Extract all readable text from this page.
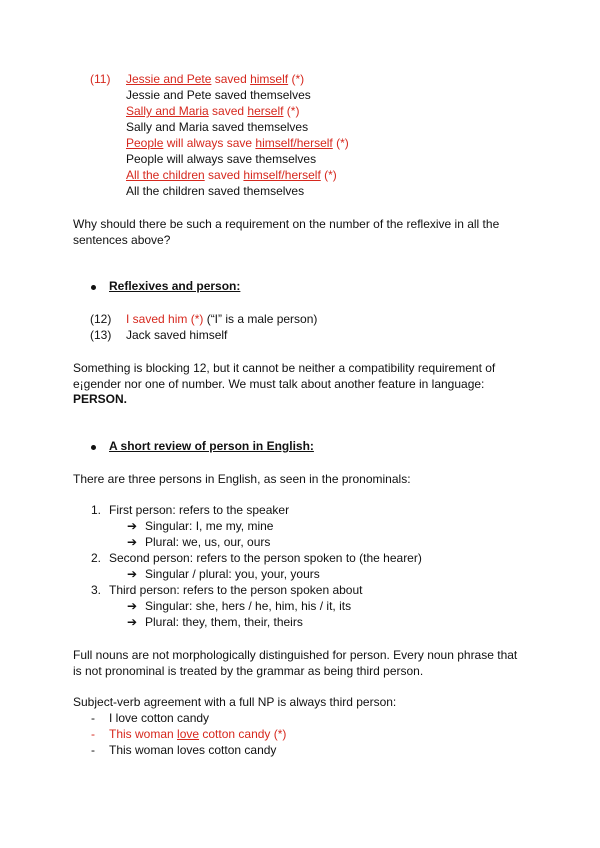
(11) Jessie and Pete saved himself (*)
Jessie and Pete saved themselves
Sally and Maria saved herself (*)
Sally and Maria saved themselves
People will always save himself/herself (*)
People will always save themselves
All the children saved himself/herself (*)
All the children saved themselves
Why should there be such a requirement on the number of the reflexive in all the
sentences above?
Reflexives and person:
(12) I saved him (*) (“I” is a male person)
(13) Jack saved himself
Something is blocking 12, but it cannot be neither a compatibility requirement of
e¡gender nor one of number. We must talk about another feature in language:
PERSON.
A short review of person in English:
There are three persons in English, as seen in the pronominals:
1. First person: refers to the speaker
➔ Singular: I, me my, mine
➔ Plural: we, us, our, ours
2. Second person: refers to the person spoken to (the hearer)
➔ Singular / plural: you, your, yours
3. Third person: refers to the person spoken about
➔ Singular: she, hers / he, him, his / it, its
➔ Plural: they, them, their, theirs
Full nouns are not morphologically distinguished for person. Every noun phrase that
is not pronominal is treated by the grammar as being third person.
Subject-verb agreement with a full NP is always third person:
- I love cotton candy
- This woman love cotton candy (*)
- This woman loves cotton candy
